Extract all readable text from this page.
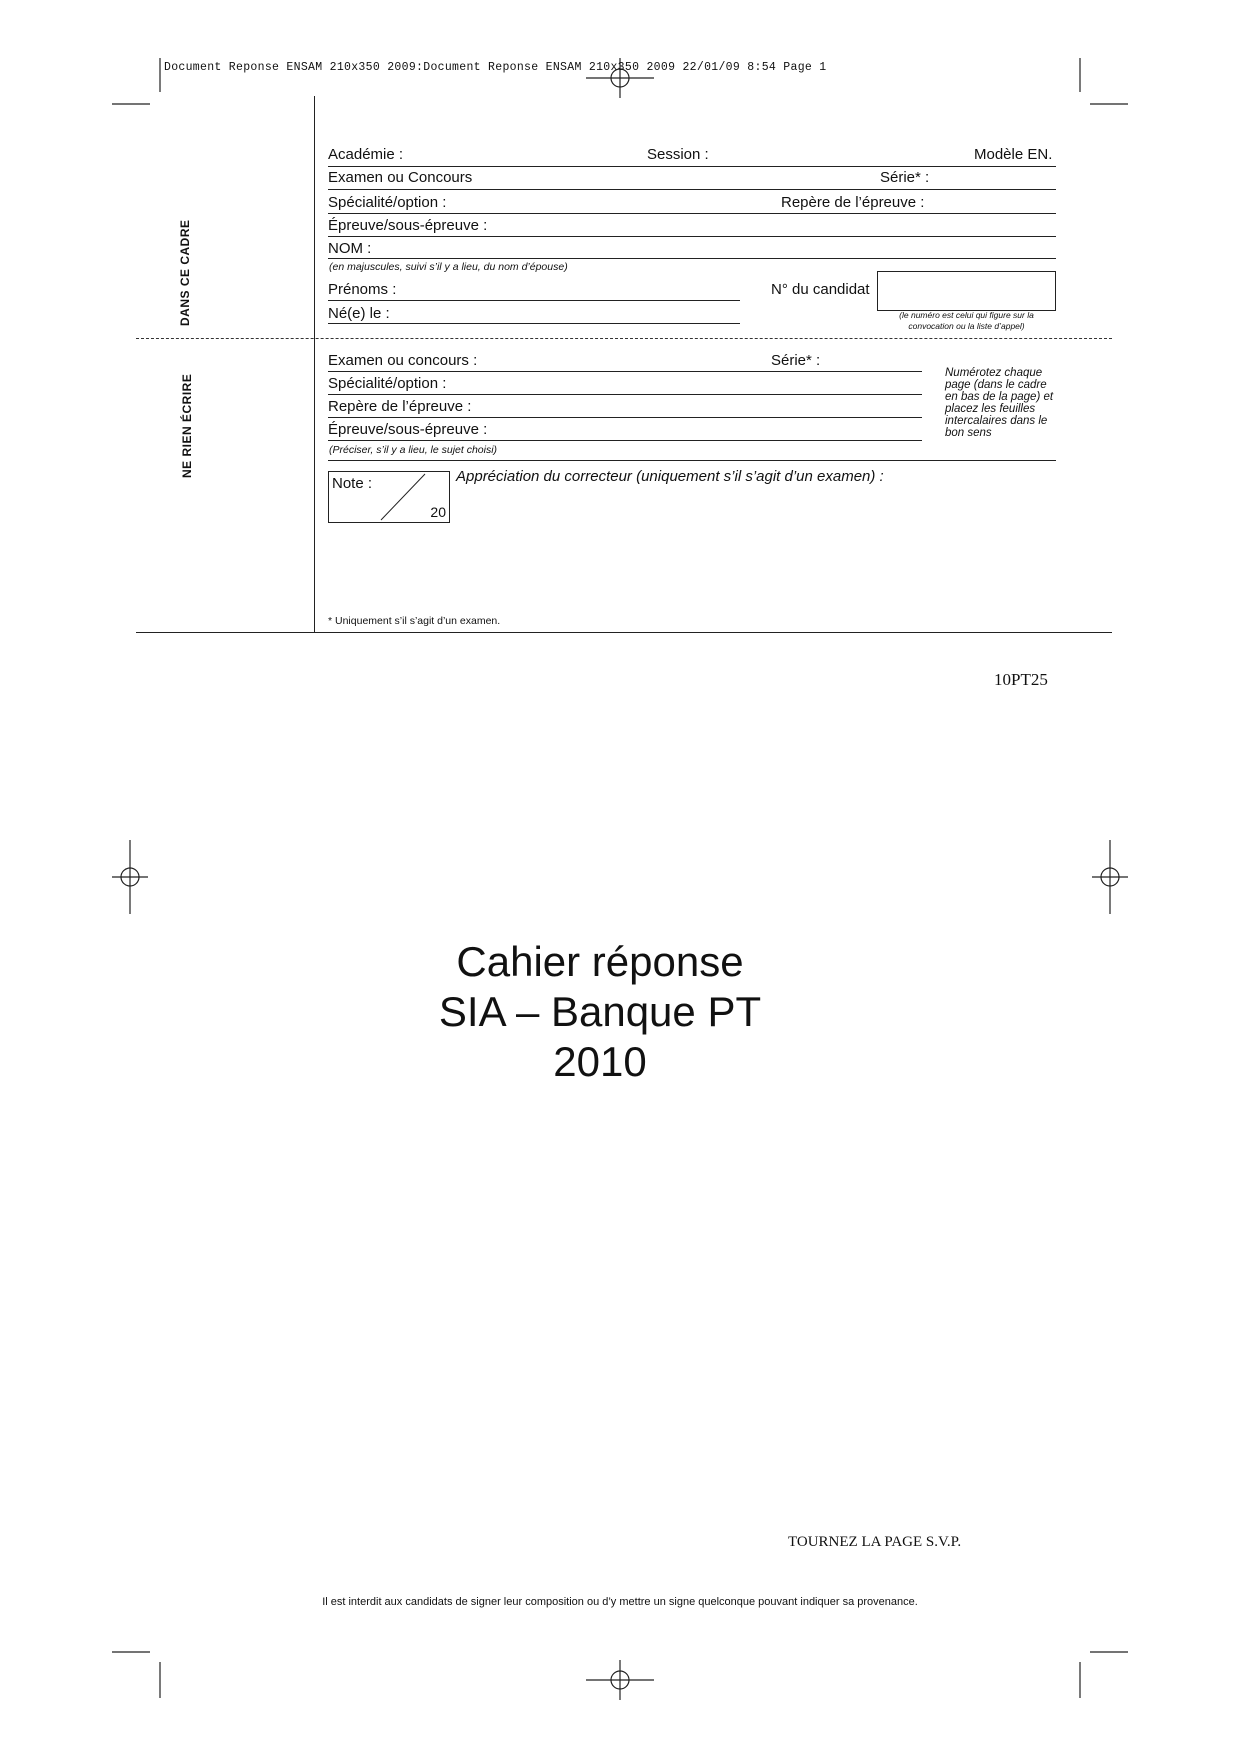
Document Reponse ENSAM 210x350 2009:Document Reponse ENSAM 210x350 2009 22/01/09 8:54 Page 1
DANS CE CADRE
NE RIEN ÉCRIRE
Académie :	Session :	Modèle EN.
Examen ou Concours	Série* :
Spécialité/option :	Repère de l’épreuve :
Épreuve/sous-épreuve :
NOM :
(en majuscules, suivi s’il y a lieu, du nom d’épouse)
Prénoms :
Né(e) le :
N° du candidat
(le numéro est celui qui figure sur la
convocation ou la liste d’appel)
Examen ou concours :	Série* :
Spécialité/option :
Repère de l’épreuve :
Épreuve/sous-épreuve :
(Préciser, s’il y a lieu, le sujet choisi)
Numérotez chaque
page (dans le cadre
en bas de la page) et
placez les feuilles
intercalaires dans le
bon sens
Note :
20
Appréciation du correcteur (uniquement s’il s’agit d’un examen) :
* Uniquement s’il s’agit d’un examen.
10PT25
Cahier réponse
SIA – Banque PT
2010
TOURNEZ LA PAGE S.V.P.
Il est interdit aux candidats de signer leur composition ou d’y mettre un signe quelconque pouvant indiquer sa provenance.
